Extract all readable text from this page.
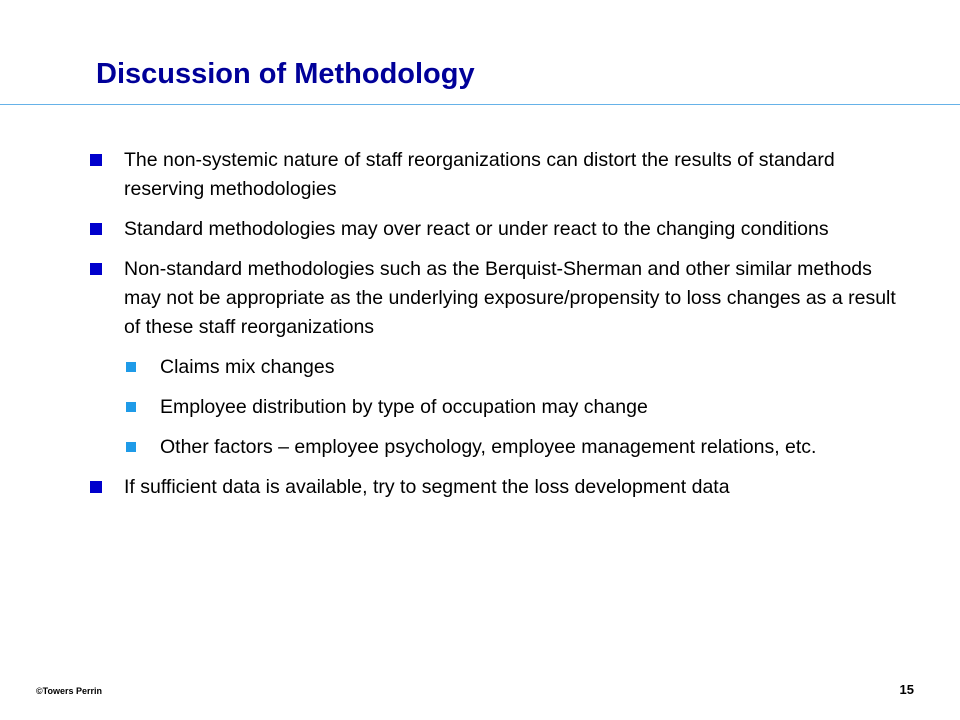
Discussion of Methodology
The non-systemic nature of staff reorganizations can distort the results of standard reserving methodologies
Standard methodologies may over react or under react to the changing conditions
Non-standard methodologies such as the Berquist-Sherman and other similar methods may not be appropriate as the underlying exposure/propensity to loss changes as a result of these staff reorganizations
Claims mix changes
Employee distribution by type of occupation may change
Other factors – employee psychology, employee management relations, etc.
If sufficient data is available, try to segment the loss development data
©Towers Perrin	15
